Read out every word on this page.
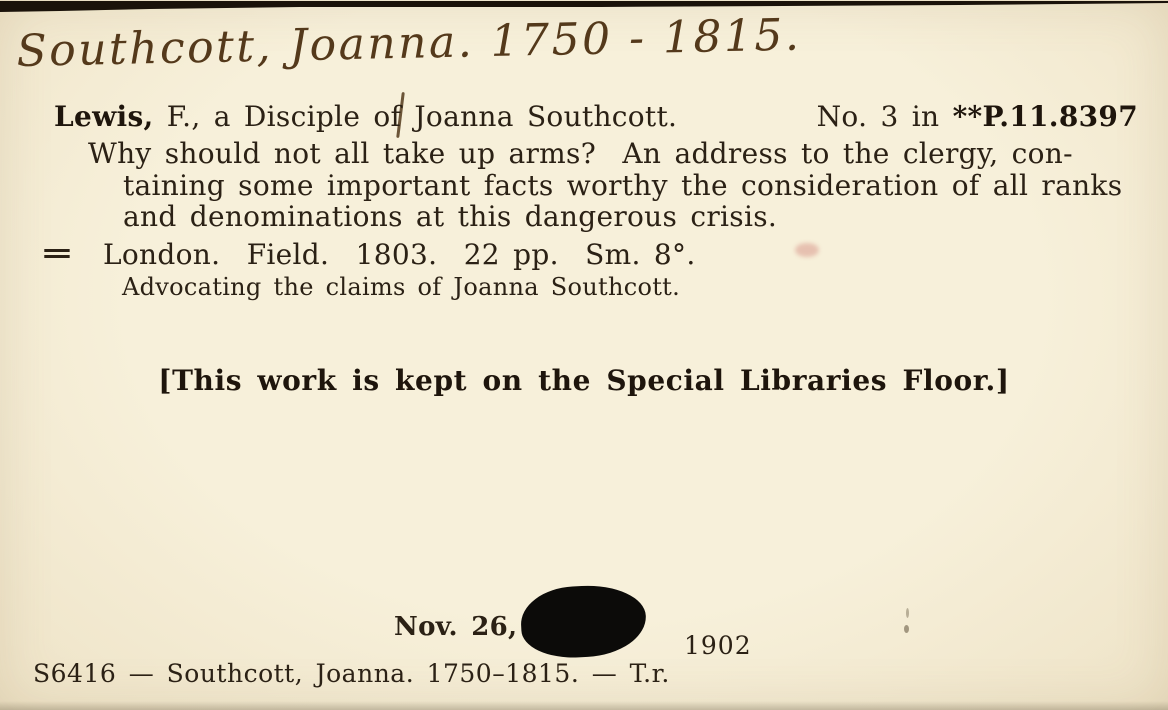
Southcott, Joanna. 1750 - 1815.
Lewis, F., a Disciple of Joanna Southcott.	No. 3 in **P.11.8397
Why should not all take up arms?  An address to the clergy, con-
taining some important facts worthy the consideration of all ranks
and denominations at this dangerous crisis.
= London.  Field.  1803.  22 pp.  Sm. 8°.
Advocating the claims of Joanna Southcott.
[This work is kept on the Special Libraries Floor.]
Nov. 26,
1902
S6416 — Southcott, Joanna. 1750–1815. — T.r.
